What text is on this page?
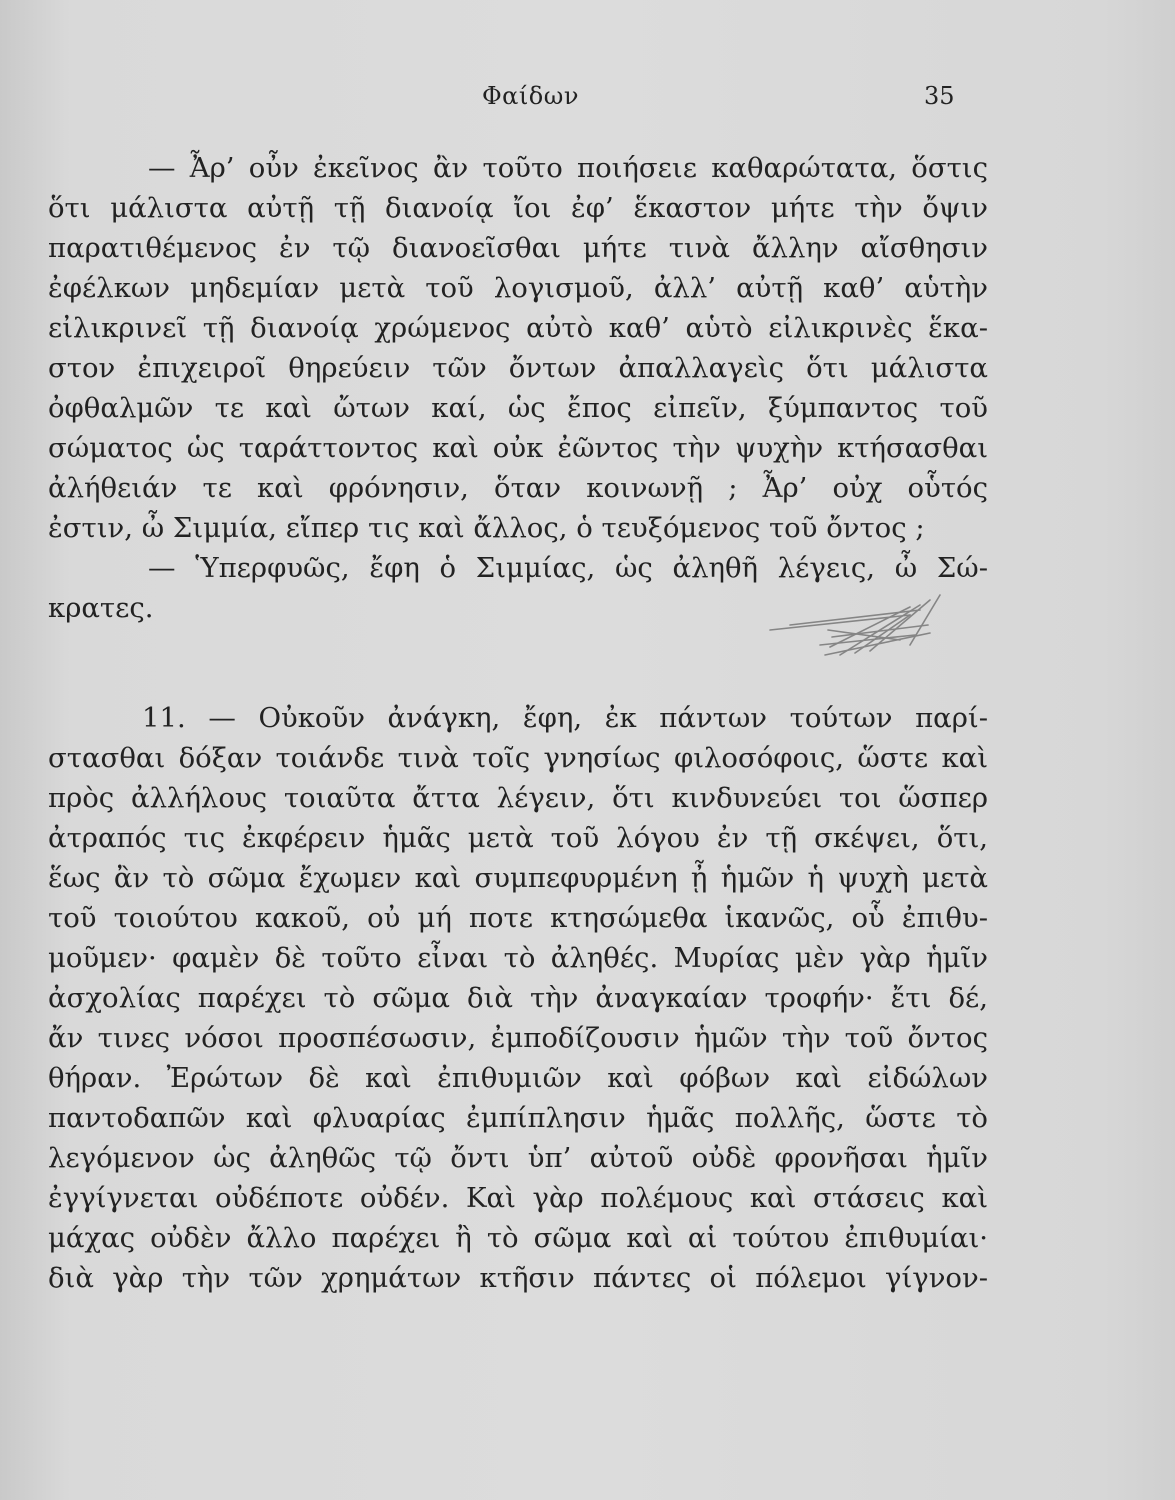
Φαίδων	35
— Ἆρ’ οὖν ἐκεῖνος ἂν τοῦτο ποιήσειε καθαρώτατα, ὅστις
ὅτι μάλιστα αὐτῇ τῇ διανοίᾳ ἴοι ἐφ’ ἕκαστον μήτε τὴν ὄψιν
παρατιθέμενος ἐν τῷ διανοεῖσθαι μήτε τινὰ ἄλλην αἴσθησιν
ἐφέλκων μηδεμίαν μετὰ τοῦ λογισμοῦ, ἀλλ’ αὐτῇ καθ’ αὑτὴν
εἰλικρινεῖ τῇ διανοίᾳ χρώμενος αὐτὸ καθ’ αὑτὸ εἰλικρινὲς ἕκα-
στον ἐπιχειροῖ θηρεύειν τῶν ὄντων ἀπαλλαγεὶς ὅτι μάλιστα
ὀφθαλμῶν τε καὶ ὤτων καί, ὡς ἔπος εἰπεῖν, ξύμπαντος τοῦ
σώματος ὡς ταράττοντος καὶ οὐκ ἐῶντος τὴν ψυχὴν κτήσασθαι
ἀλήθειάν τε καὶ φρόνησιν, ὅταν κοινωνῇ ; Ἆρ’ οὐχ οὗτός
ἐστιν, ὦ Σιμμία, εἴπερ τις καὶ ἄλλος, ὁ τευξόμενος τοῦ ὄντος ;
— Ὑπερφυῶς, ἔφη ὁ Σιμμίας, ὡς ἀληθῆ λέγεις, ὦ Σώ-
κρατες.
11. — Οὐκοῦν ἀνάγκη, ἔφη, ἐκ πάντων τούτων παρί-
στασθαι δόξαν τοιάνδε τινὰ τοῖς γνησίως φιλοσόφοις, ὥστε καὶ
πρὸς ἀλλήλους τοιαῦτα ἄττα λέγειν, ὅτι κινδυνεύει τοι ὥσπερ
ἀτραπός τις ἐκφέρειν ἡμᾶς μετὰ τοῦ λόγου ἐν τῇ σκέψει, ὅτι,
ἕως ἂν τὸ σῶμα ἔχωμεν καὶ συμπεφυρμένη ᾖ ἡμῶν ἡ ψυχὴ μετὰ
τοῦ τοιούτου κακοῦ, οὐ μή ποτε κτησώμεθα ἱκανῶς, οὗ ἐπιθυ-
μοῦμεν· φαμὲν δὲ τοῦτο εἶναι τὸ ἀληθές. Μυρίας μὲν γὰρ ἡμῖν
ἀσχολίας παρέχει τὸ σῶμα διὰ τὴν ἀναγκαίαν τροφήν· ἔτι δέ,
ἄν τινες νόσοι προσπέσωσιν, ἐμποδίζουσιν ἡμῶν τὴν τοῦ ὄντος
θήραν. Ἐρώτων δὲ καὶ ἐπιθυμιῶν καὶ φόβων καὶ εἰδώλων
παντοδαπῶν καὶ φλυαρίας ἐμπίπλησιν ἡμᾶς πολλῆς, ὥστε τὸ
λεγόμενον ὡς ἀληθῶς τῷ ὄντι ὑπ’ αὐτοῦ οὐδὲ φρονῆσαι ἡμῖν
ἐγγίγνεται οὐδέποτε οὐδέν. Καὶ γὰρ πολέμους καὶ στάσεις καὶ
μάχας οὐδὲν ἄλλο παρέχει ἢ τὸ σῶμα καὶ αἱ τούτου ἐπιθυμίαι·
διὰ γὰρ τὴν τῶν χρημάτων κτῆσιν πάντες οἱ πόλεμοι γίγνον-
